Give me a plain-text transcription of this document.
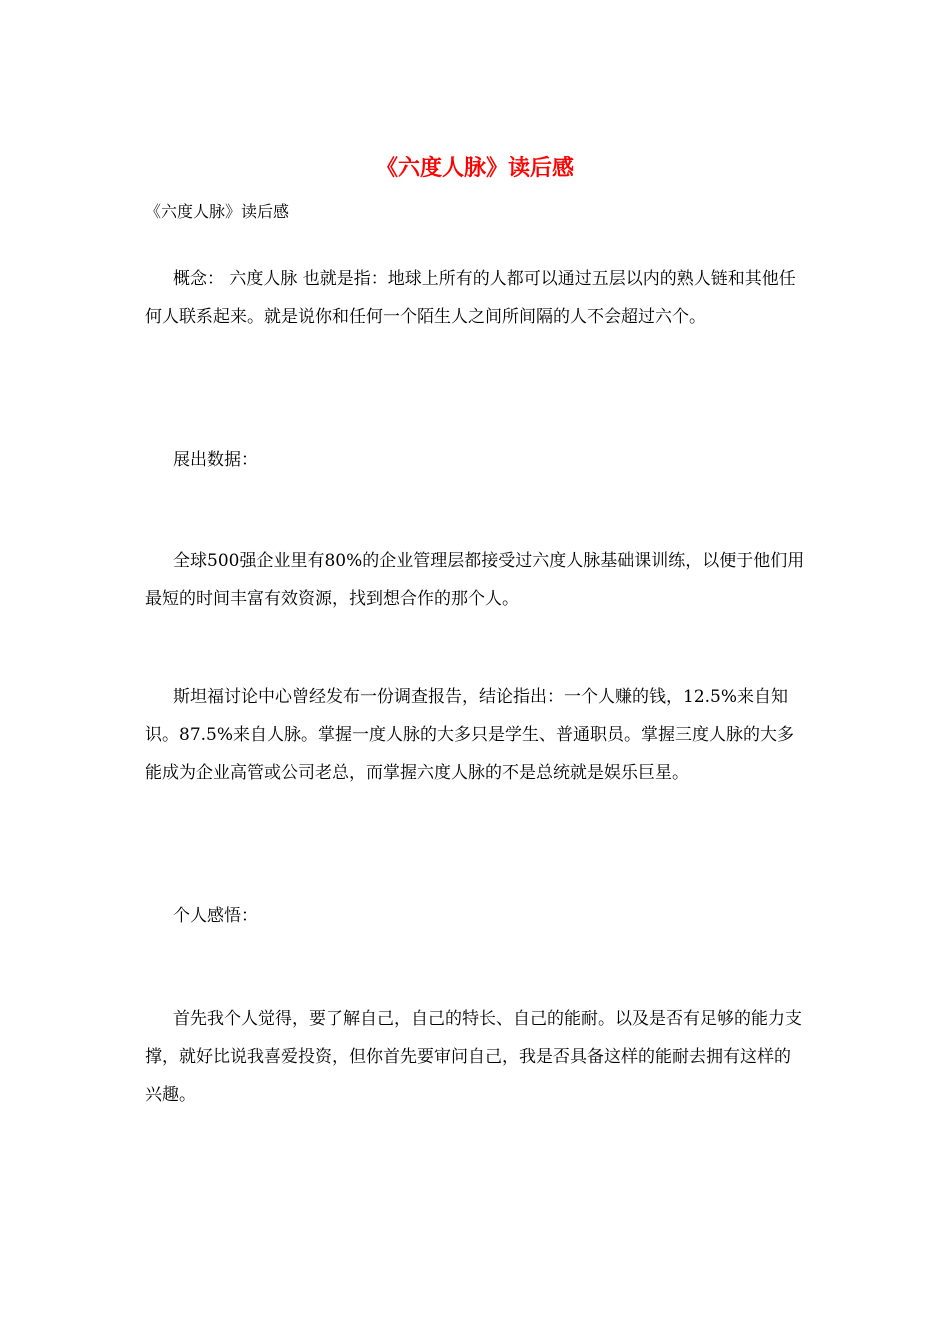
《六度人脉》读后感
《六度人脉》读后感

概念： 六度人脉 也就是指：地球上所有的人都可以通过五层以内的熟人链和其他任何人联系起来。就是说你和任何一个陌生人之间所间隔的人不会超过六个。

展出数据：

全球500强企业里有80%的企业管理层都接受过六度人脉基础课训练，以便于他们用最短的时间丰富有效资源，找到想合作的那个人。

斯坦福讨论中心曾经发布一份调查报告，结论指出：一个人赚的钱，12.5%来自知识。87.5%来自人脉。掌握一度人脉的大多只是学生、普通职员。掌握三度人脉的大多能成为企业高管或公司老总，而掌握六度人脉的不是总统就是娱乐巨星。

个人感悟：

首先我个人觉得，要了解自己，自己的特长、自己的能耐。以及是否有足够的能力支撑，就好比说我喜爱投资，但你首先要审问自己，我是否具备这样的能耐去拥有这样的兴趣。
